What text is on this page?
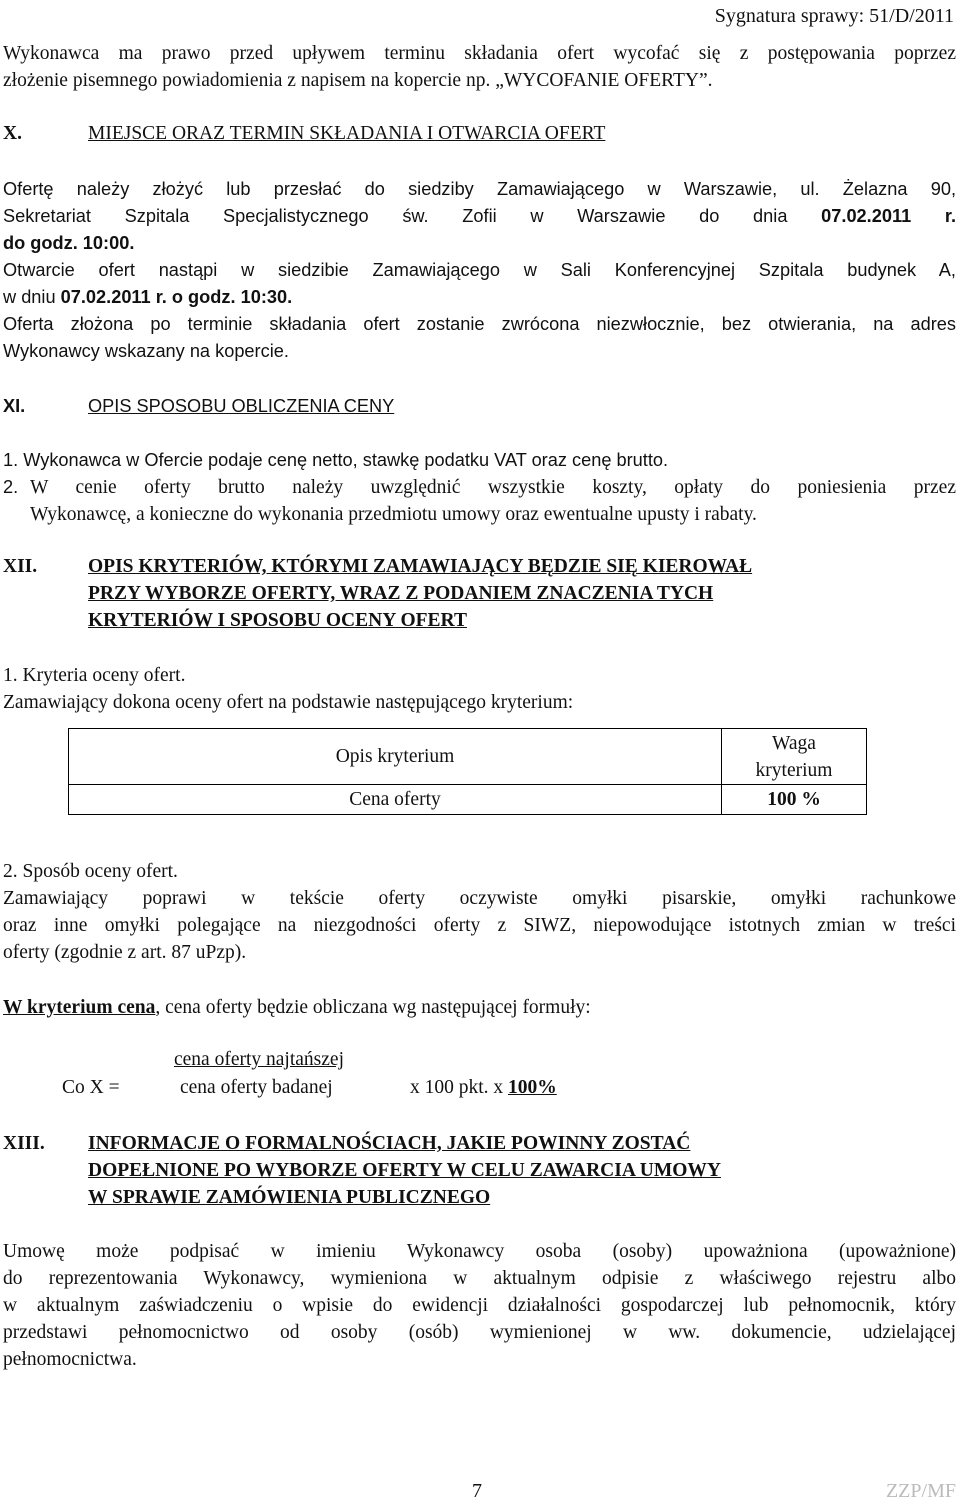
Sygnatura sprawy: 51/D/2011
Wykonawca ma prawo przed upływem terminu składania ofert wycofać się z postępowania poprzez
złożenie pisemnego powiadomienia z napisem na kopercie np. „WYCOFANIE OFERTY”.
X.	MIEJSCE ORAZ TERMIN SKŁADANIA I OTWARCIA OFERT
Ofertę należy złożyć lub przesłać do siedziby Zamawiającego w Warszawie, ul. Żelazna 90,
Sekretariat Szpitala Specjalistycznego św. Zofii w Warszawie do dnia 07.02.2011 r.
do godz. 10:00.
Otwarcie ofert nastąpi w siedzibie Zamawiającego w Sali Konferencyjnej Szpitala budynek A,
w dniu 07.02.2011 r. o godz. 10:30.
Oferta złożona po terminie składania ofert zostanie zwrócona niezwłocznie, bez otwierania, na adres
Wykonawcy wskazany na kopercie.
XI.	OPIS SPOSOBU OBLICZENIA CENY
1. Wykonawca w Ofercie podaje cenę netto, stawkę podatku VAT oraz cenę brutto.
2. W cenie oferty brutto należy uwzględnić wszystkie koszty, opłaty do poniesienia przez
Wykonawcę, a konieczne do wykonania przedmiotu umowy oraz ewentualne upusty i rabaty.
XII.	OPIS KRYTERIÓW, KTÓRYMI ZAMAWIAJĄCY BĘDZIE SIĘ KIEROWAŁ
PRZY WYBORZE OFERTY, WRAZ Z PODANIEM ZNACZENIA TYCH
KRYTERIÓW I SPOSOBU OCENY OFERT
1. Kryteria oceny ofert.
Zamawiający dokona oceny ofert na podstawie następującego kryterium:
Opis kryterium	Waga
kryterium

Cena oferty	100 %
2. Sposób oceny ofert.
Zamawiający poprawi w tekście oferty oczywiste omyłki pisarskie, omyłki rachunkowe
oraz inne omyłki polegające na niezgodności oferty z SIWZ, niepowodujące istotnych zmian w treści
oferty (zgodnie z art. 87 uPzp).
W kryterium cena, cena oferty będzie obliczana wg następującej formuły:
cena oferty najtańszej
Co X =	cena oferty badanej	x 100 pkt. x 100%
XIII.	INFORMACJE O FORMALNOŚCIACH, JAKIE POWINNY ZOSTAĆ
DOPEŁNIONE PO WYBORZE OFERTY W CELU ZAWARCIA UMOWY
W SPRAWIE ZAMÓWIENIA PUBLICZNEGO
Umowę może podpisać w imieniu Wykonawcy osoba (osoby) upoważniona (upoważnione)
do reprezentowania Wykonawcy, wymieniona w aktualnym odpisie z właściwego rejestru albo
w aktualnym zaświadczeniu o wpisie do ewidencji działalności gospodarczej lub pełnomocnik, który
przedstawi pełnomocnictwo od osoby (osób) wymienionej w ww. dokumencie, udzielającej
pełnomocnictwa.
7	ZZP/MF
